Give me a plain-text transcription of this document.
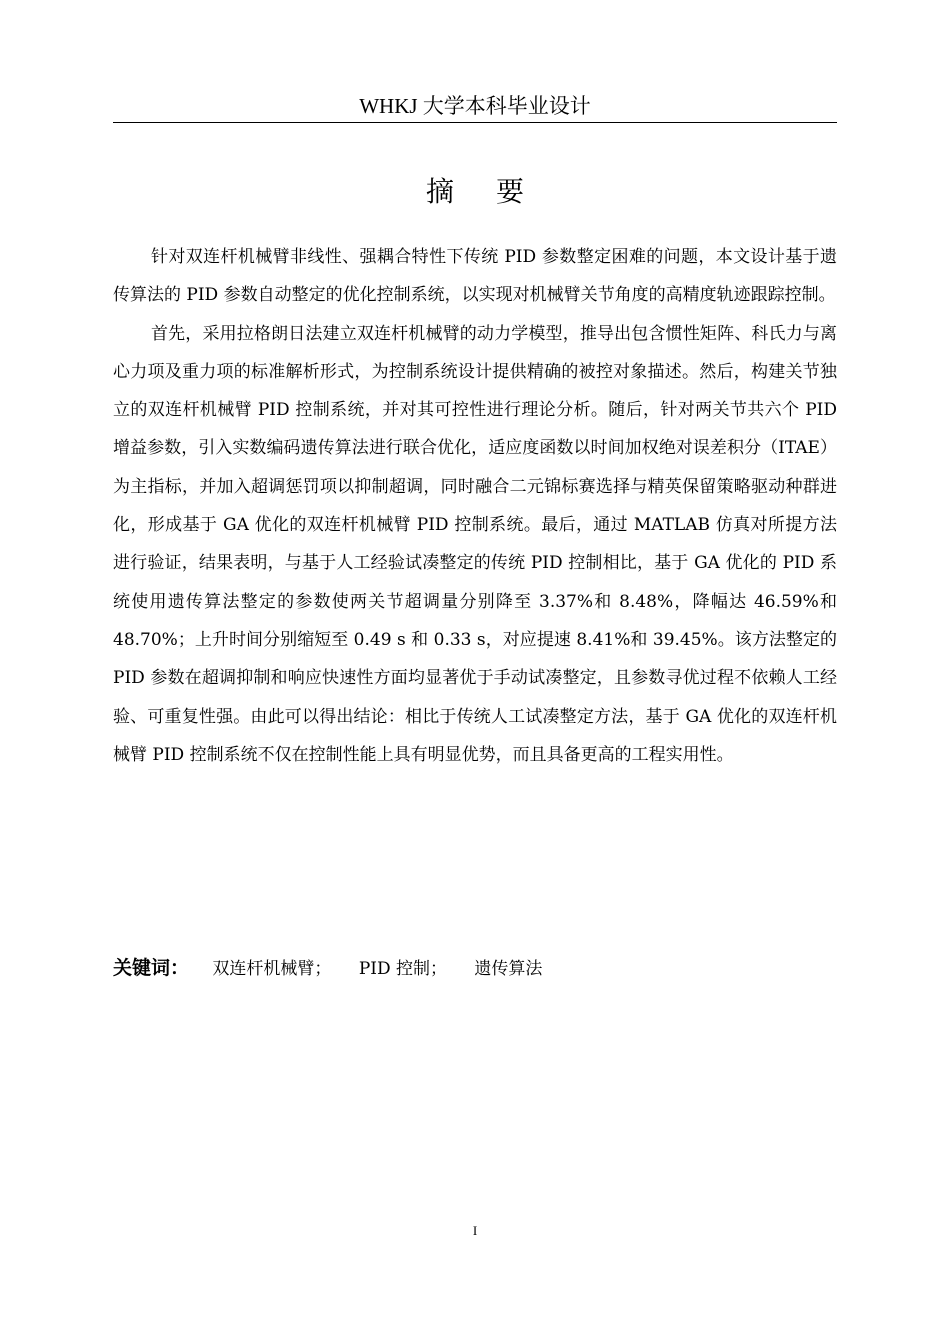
WHKJ 大学本科毕业设计
摘要

针对双连杆机械臂非线性、强耦合特性下传统 PID 参数整定困难的问题，本文设计基于遗传算法的 PID 参数自动整定的优化控制系统，以实现对机械臂关节角度的高精度轨迹跟踪控制。

首先，采用拉格朗日法建立双连杆机械臂的动力学模型，推导出包含惯性矩阵、科氏力与离心力项及重力项的标准解析形式，为控制系统设计提供精确的被控对象描述。然后，构建关节独立的双连杆机械臂 PID 控制系统，并对其可控性进行理论分析。随后，针对两关节共六个 PID 增益参数，引入实数编码遗传算法进行联合优化，适应度函数以时间加权绝对误差积分（ITAE）为主指标，并加入超调惩罚项以抑制超调，同时融合二元锦标赛选择与精英保留策略驱动种群进化，形成基于 GA 优化的双连杆机械臂 PID 控制系统。最后，通过 MATLAB 仿真对所提方法进行验证，结果表明，与基于人工经验试凑整定的传统 PID 控制相比，基于 GA 优化的 PID 系统使用遗传算法整定的参数使两关节超调量分别降至 3.37%和 8.48%，降幅达 46.59%和 48.70%；上升时间分别缩短至 0.49 s 和 0.33 s，对应提速 8.41%和 39.45%。该方法整定的 PID 参数在超调抑制和响应快速性方面均显著优于手动试凑整定，且参数寻优过程不依赖人工经验、可重复性强。由此可以得出结论：相比于传统人工试凑整定方法，基于 GA 优化的双连杆机械臂 PID 控制系统不仅在控制性能上具有明显优势，而且具备更高的工程实用性。

关键词： 双连杆机械臂； PID 控制； 遗传算法
I
